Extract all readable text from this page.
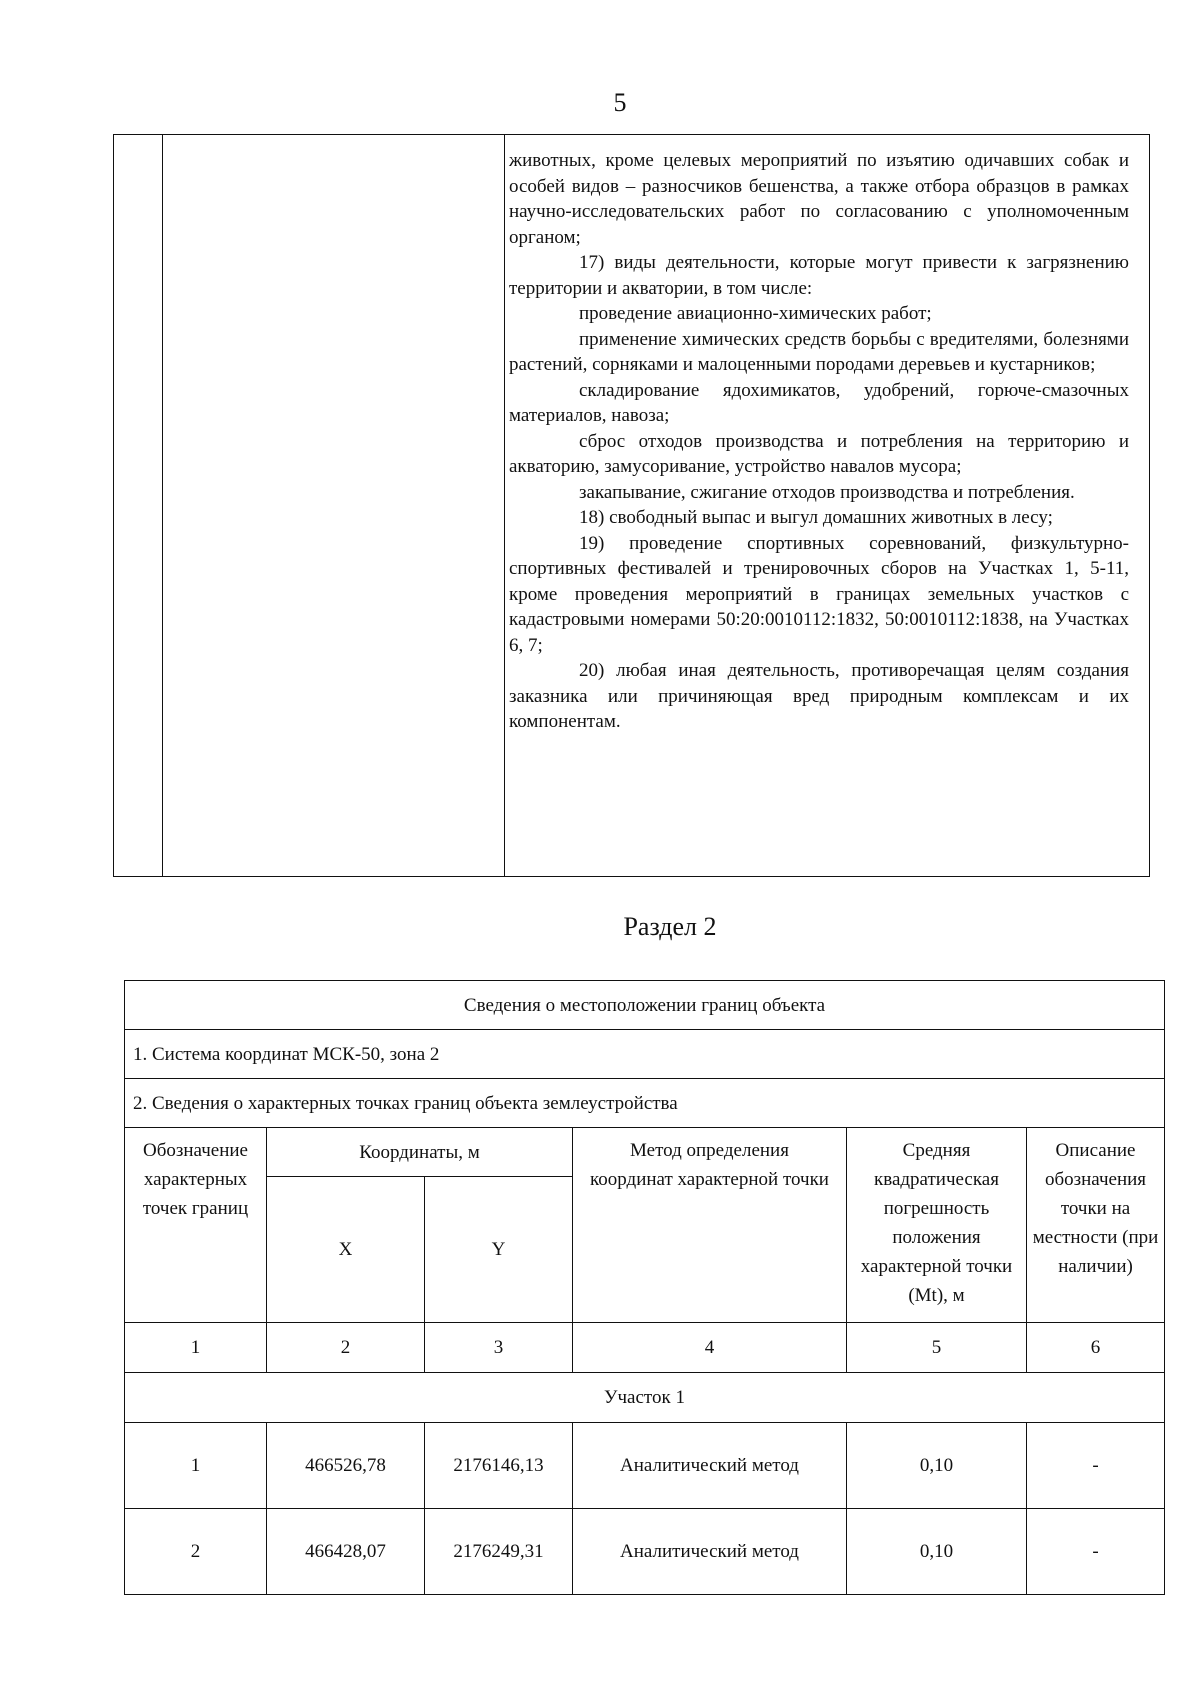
5

животных, кроме целевых мероприятий по изъятию одичавших собак и особей видов – разносчиков бешенства, а также отбора образцов в рамках научно-исследовательских работ по согласованию с уполномоченным органом;

17) виды деятельности, которые могут привести к загрязнению территории и акватории, в том числе:

проведение авиационно-химических работ;

применение химических средств борьбы с вредителями, болезнями растений, сорняками и малоценными породами деревьев и кустарников;

складирование ядохимикатов, удобрений, горюче-смазочных материалов, навоза;

сброс отходов производства и потребления на территорию и акваторию, замусоривание, устройство навалов мусора;

закапывание, сжигание отходов производства и потребления.

18) свободный выпас и выгул домашних животных в лесу;

19) проведение спортивных соревнований, физкультурно-спортивных фестивалей и тренировочных сборов на Участках 1, 5-11, кроме проведения мероприятий в границах земельных участков с кадастровыми номерами 50:20:0010112:1832, 50:0010112:1838, на Участках 6, 7;

20) любая иная деятельность, противоречащая целям создания заказника или причиняющая вред природным комплексам и их компонентам.

Раздел 2
Сведения о местоположении границ объекта					
1. Система координат МСК-50, зона 2					
2. Сведения о характерных точках границ объекта землеустройства					
Обозначение характерных точек границ	Координаты, м		Метод определения координат характерной точки	Средняя квадратическая погрешность положения характерной точки (Mt), м	Описание обозначения точки на местности (при наличии)
	X	Y			
1	2	3	4	5	6
Участок 1					
1	466526,78	2176146,13	Аналитический метод	0,10	-
2	466428,07	2176249,31	Аналитический метод	0,10	-
